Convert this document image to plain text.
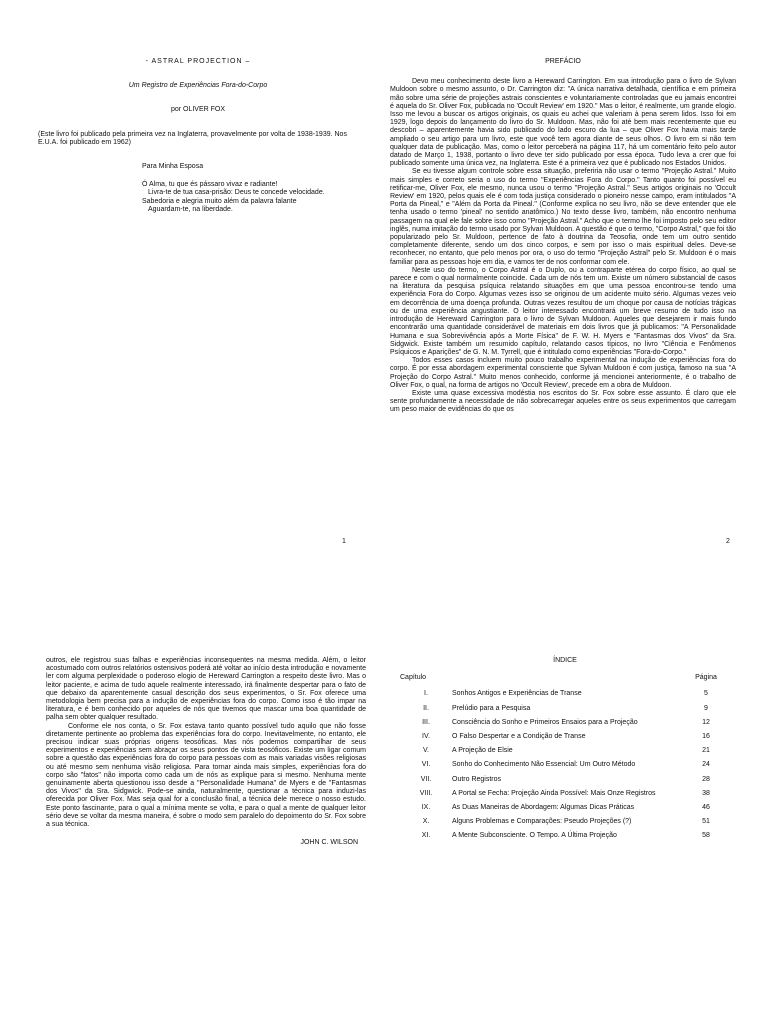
- ASTRAL PROJECTION –
Um Registro de Experiências Fora-do-Corpo
por OLIVER FOX
(Este livro foi publicado pela primeira vez na Inglaterra, provavelmente por volta de 1938-1939. Nos E.U.A. foi publicado em 1962)
Para Minha Esposa
Ó Alma, tu que és pássaro vivaz e radiante!
Livra-te de tua casa-prisão: Deus te concede velocidade.
Sabedoria e alegria muito além da palavra falante
Aguardam-te, na liberdade.
1
PREFÁCIO

Devo meu conhecimento deste livro a Hereward Carrington. Em sua introdução para o livro de Sylvan Muldoon sobre o mesmo assunto, o Dr. Carrington diz: "A única narrativa detalhada, científica e em primeira mão sobre uma série de projeções astrais conscientes e voluntariamente controladas que eu jamais encontrei é aquela do Sr. Oliver Fox, publicada no 'Occult Review' em 1920." Mas o leitor, é realmente, um grande elogio. Isso me levou a buscar os artigos originais, os quais eu achei que valeriam à pena serem lidos. Isso foi em 1929, logo depois do lançamento do livro do Sr. Muldoon. Mas, não foi até bem mais recentemente que eu descobri – aparentemente havia sido publicado do lado escuro da lua – que Oliver Fox havia mais tarde ampliado o seu artigo para um livro, este que você tem agora diante de seus olhos. O livro em si não tem qualquer data de publicação. Mas, como o leitor perceberá na página 117, há um comentário feito pelo autor datado de Março 1, 1938, portanto o livro deve ter sido publicado por essa época. Tudo leva a crer que foi publicado somente uma única vez, na Inglaterra. Este é a primeira vez que é publicado nos Estados Unidos.

Se eu tivesse algum controle sobre essa situação, preferiria não usar o termo "Projeção Astral." Muito mais simples e correto seria o uso do termo "Experiências Fora do Corpo." Tanto quanto foi possível eu retificar-me, Oliver Fox, ele mesmo, nunca usou o termo "Projeção Astral." Seus artigos originais no 'Occult Review' em 1920, pelos quais ele é com toda justiça considerado o pioneiro nesse campo, eram intitulados "A Porta da Pineal," e "Além da Porta da Pineal." (Conforme explica no seu livro, não se deve entender que ele tenha usado o termo 'pineal' no sentido anatômico.) No texto desse livro, também, não encontro nenhuma passagem na qual ele fale sobre isso como "Projeção Astral." Acho que o termo lhe foi imposto pelo seu editor inglês, numa imitação do termo usado por Sylvan Muldoon. A questão é que o termo, "Corpo Astral," que foi tão popularizado pelo Sr. Muldoon, pertence de fato à doutrina da Teosofia, onde tem um outro sentido completamente diferente, sendo um dos cinco corpos, e sem por isso o mais espiritual deles. Deve-se reconhecer, no entanto, que pelo menos por ora, o uso do termo "Projeção Astral" pelo Sr. Muldoon é o mais familiar para as pessoas hoje em dia, e vamos ter de nos conformar com ele.

Neste uso do termo, o Corpo Astral é o Duplo, ou a contraparte etérea do corpo físico, ao qual se parece e com o qual normalmente coincide. Cada um de nós tem um. Existe um número substancial de casos na literatura da pesquisa psíquica relatando situações em que uma pessoa encontrou-se tendo uma experiência Fora do Corpo. Algumas vezes isso se originou de um acidente muito sério. Algumas vezes veio em decorrência de uma doença profunda. Outras vezes resultou de um choque por causa de notícias trágicas ou de uma experiência angustiante. O leitor interessado encontrará um breve resumo de tudo isso na introdução de Hereward Carrington para o livro de Sylvan Muldoon. Aqueles que desejarem ir mais fundo encontrarão uma quantidade considerável de materiais em dois livros que já publicamos: "A Personalidade Humana e sua Sobrevivência após a Morte Física" de F. W. H. Myers e "Fantasmas dos Vivos" da Sra. Sidgwick. Existe também um resumido capítulo, relatando casos típicos, no livro "Ciência e Fenômenos Psíquicos e Aparições" de G. N. M. Tyrrell, que é intitulado como experiências "Fora-do-Corpo."

Todos esses casos incluem muito pouco trabalho experimental na indução de experiências fora do corpo. É por essa abordagem experimental consciente que Sylvan Muldoon é com justiça, famoso na sua "A Projeção do Corpo Astral." Muito menos conhecido, conforme já mencionei anteriormente, é o trabalho de Oliver Fox, o qual, na forma de artigos no 'Occult Review', precede em a obra de Muldoon.

Existe uma quase excessiva modéstia nos escritos do Sr. Fox sobre esse assunto. É claro que ele sente profundamente a necessidade de não sobrecarregar aqueles entre os seus experimentos que carregam um peso maior de evidências do que os

2

outros, ele registrou suas falhas e experiências inconsequentes na mesma medida. Além, o leitor acostumado com outros relatórios ostensivos poderá até voltar ao início desta introdução e novamente ler com alguma perplexidade o poderoso elogio de Hereward Carrington a respeito deste livro. Mas o leitor paciente, e acima de tudo aquele realmente interessado, irá finalmente despertar para o fato de que debaixo da aparentemente casual descrição dos seus experimentos, o Sr. Fox oferece uma metodologia bem precisa para a indução de experiências fora do corpo. Como isso é tão impar na literatura, e é bem conhecido por aqueles de nós que tivemos que mascar uma boa quantidade de palha sem obter qualquer resultado.

Conforme ele nos conta, o Sr. Fox estava tanto quanto possível tudo aquilo que não fosse diretamente pertinente ao problema das experiências fora do corpo. Inevitavelmente, no entanto, ele precisou indicar suas próprias origens teosóficas. Mas nós podemos compartilhar de seus experimentos e experiências sem abraçar os seus pontos de vista teosóficos. Existe um ligar comum sobre a questão das experiências fora do corpo para pessoas com as mais variadas visões religiosas ou até mesmo sem nenhuma visão religiosa. Para tornar ainda mais simples, experiências fora do corpo são "fatos" não importa como cada um de nós as explique para si mesmo. Nenhuma mente genuinamente aberta questionou isso desde a "Personalidade Humana" de Myers e de "Fantasmas dos Vivos" da Sra. Sidgwick. Pode-se ainda, naturalmente, questionar a técnica para induzi-las oferecida por Oliver Fox. Mas seja qual for a conclusão final, a técnica dele merece o nosso estudo. Este ponto fascinante, para o qual a mínima mente se volta, e para o qual a mente de qualquer leitor sério deve se voltar da mesma maneira, é sobre o modo sem paralelo do depoimento do Sr. Fox sobre a sua técnica.

JOHN C. WILSON
ÍNDICE
Capítulo		Página
I.	Sonhos Antigos e Experiências de Transe	5
II.	Prelúdio para a Pesquisa	9
III.	Consciência do Sonho e Primeiros Ensaios para a Projeção	12
IV.	O Falso Despertar e a Condição de Transe	16
V.	A Projeção de Elsie	21
VI.	Sonho do Conhecimento Não Essencial: Um Outro Método	24
VII.	Outro Registros	28
VIII.	A Portal se Fecha: Projeção Ainda Possível: Mais Onze Registros	38
IX.	As Duas Maneiras de Abordagem: Algumas Dicas Práticas	46
X.	Alguns Problemas e Comparações: Pseudo Projeções (?)	51
XI.	A Mente Subconsciente. O Tempo. A Última Projeção	58
